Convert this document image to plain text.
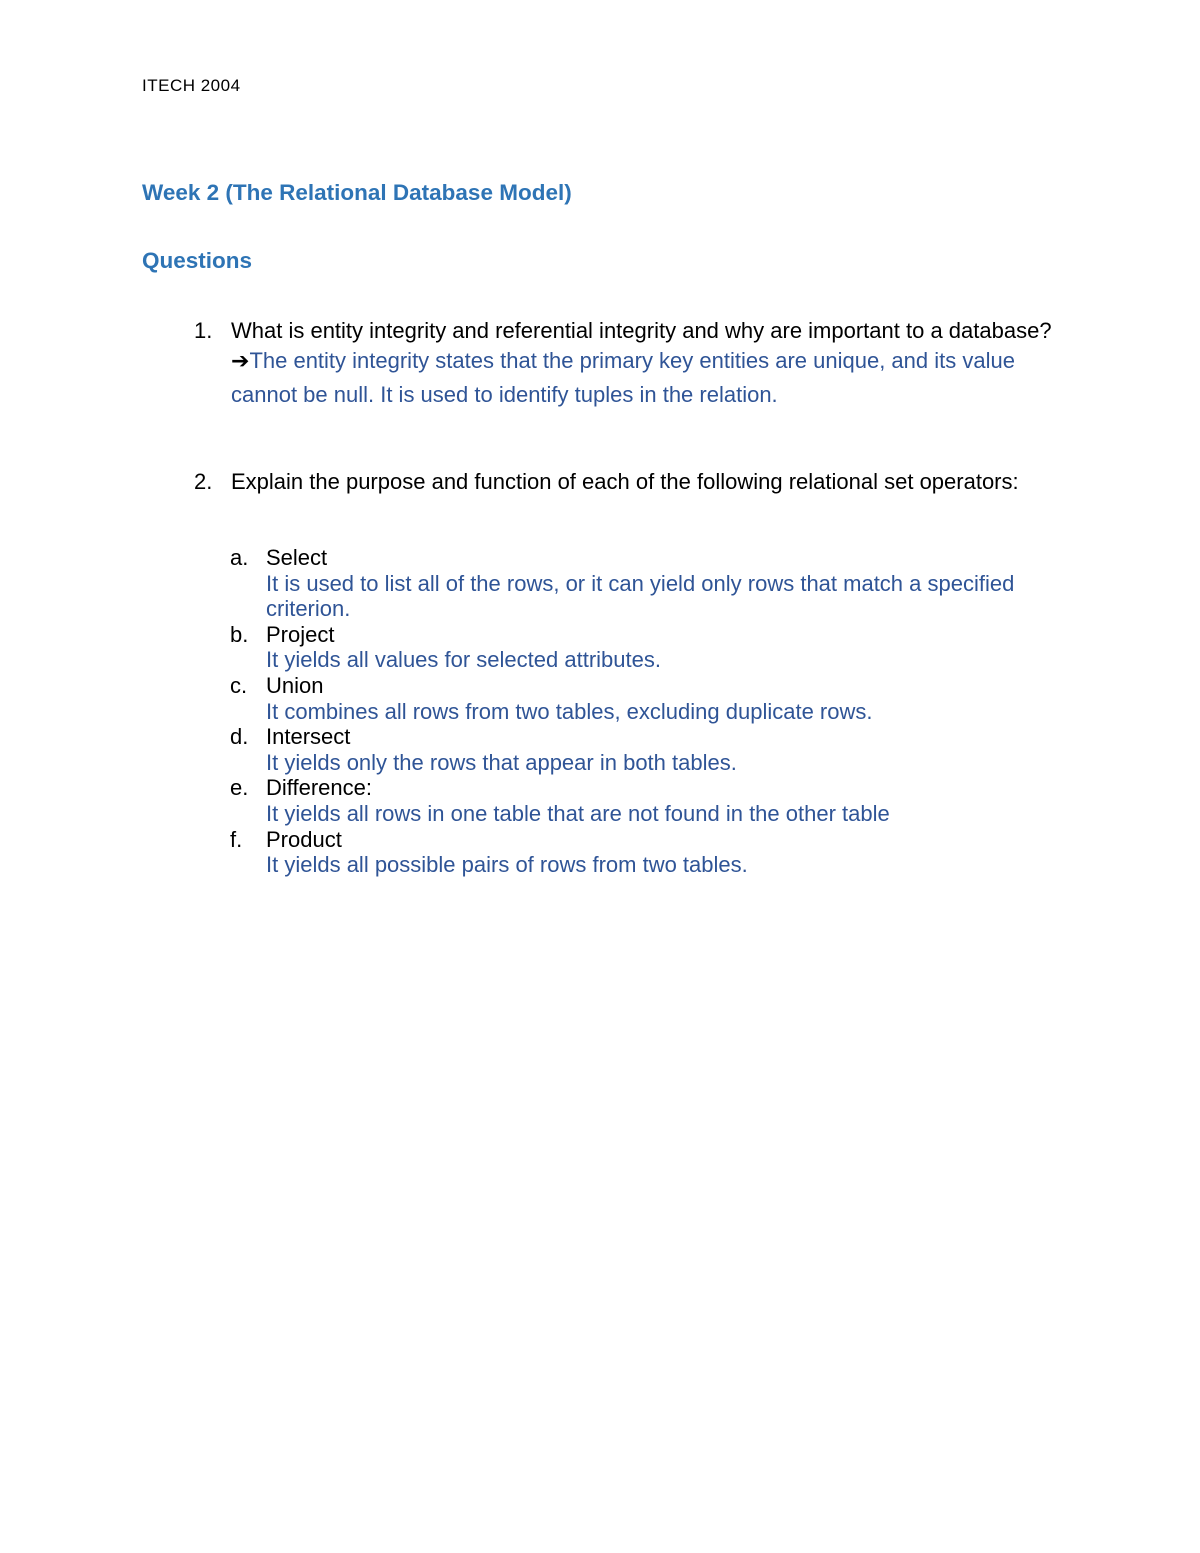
ITECH 2004
Week 2 (The Relational Database Model)
Questions
1. What is entity integrity and referential integrity and why are important to a database?
➔The entity integrity states that the primary key entities are unique, and its value cannot be null. It is used to identify tuples in the relation.
2. Explain the purpose and function of each of the following relational set operators:
a. Select
It is used to list all of the rows, or it can yield only rows that match a specified criterion.
b. Project
It yields all values for selected attributes.
c. Union
It combines all rows from two tables, excluding duplicate rows.
d. Intersect
It yields only the rows that appear in both tables.
e. Difference:
It yields all rows in one table that are not found in the other table
f. Product
It yields all possible pairs of rows from two tables.
